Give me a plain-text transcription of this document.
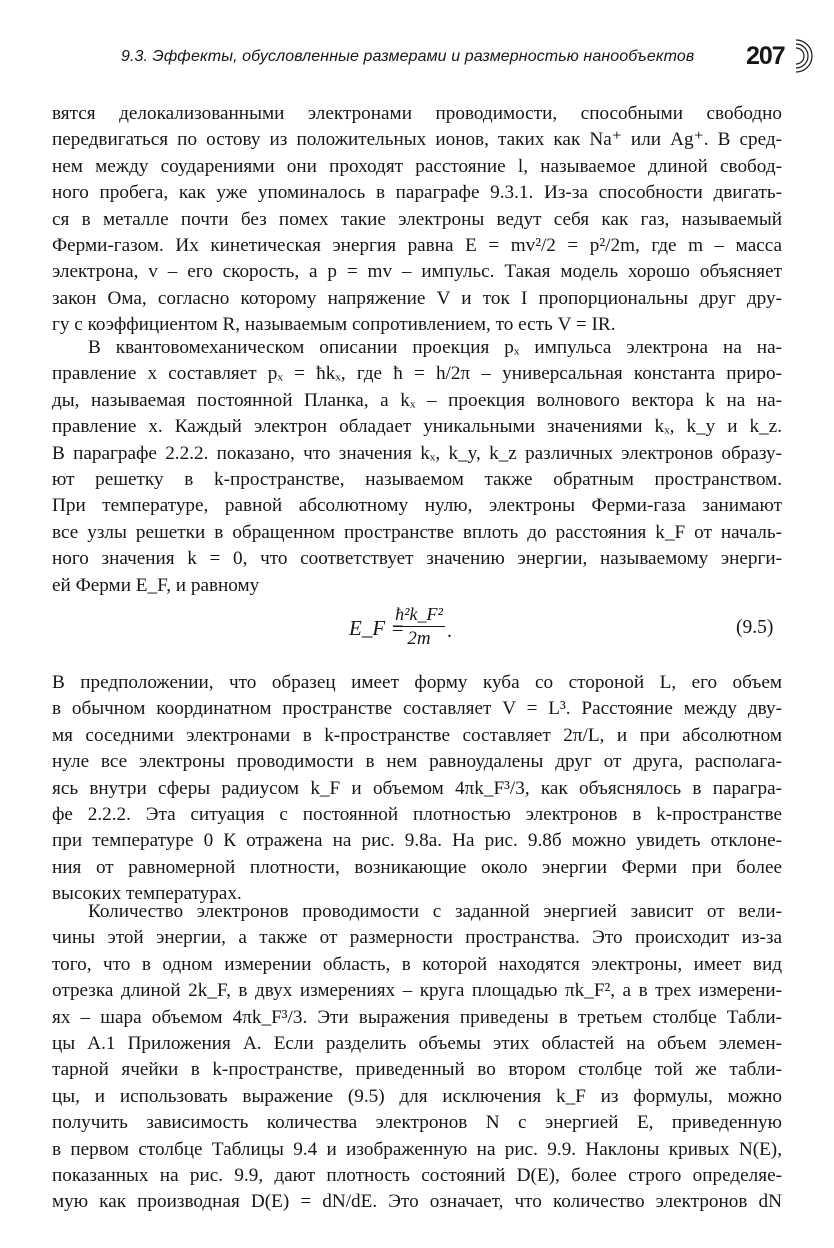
9.3. Эффекты, обусловленные размерами и размерностью нанообъектов 207
вятся делокализованными электронами проводимости, способными свободно
передвигаться по остову из положительных ионов, таких как Na⁺ или Ag⁺. В сред-
нем между соударениями они проходят расстояние l, называемое длиной свобод-
ного пробега, как уже упоминалось в параграфе 9.3.1. Из-за способности двигать-
ся в металле почти без помех такие электроны ведут себя как газ, называемый
Ферми-газом. Их кинетическая энергия равна E = mv²/2 = p²/2m, где m – масса
электрона, v – его скорость, а p = mv – импульс. Такая модель хорошо объясняет
закон Ома, согласно которому напряжение V и ток I пропорциональны друг дру-
гу с коэффициентом R, называемым сопротивлением, то есть V = IR.
В квантовомеханическом описании проекция pₓ импульса электрона на на-
правление x составляет pₓ = ħkₓ, где ħ = h/2π – универсальная константа приро-
ды, называемая постоянной Планка, а kₓ – проекция волнового вектора k на на-
правление x. Каждый электрон обладает уникальными значениями kₓ, k_y и k_z.
В параграфе 2.2.2. показано, что значения kₓ, k_y, k_z различных электронов образу-
ют решетку в k-пространстве, называемом также обратным пространством.
При температуре, равной абсолютному нулю, электроны Ферми-газа занимают
все узлы решетки в обращенном пространстве вплоть до расстояния k_F от началь-
ного значения k = 0, что соответствует значению энергии, называемому энерги-
ей Ферми E_F, и равному
E_F =
$\frac{\text{ħ²k\_F²}}{2m}$ .	(9.5)
В предположении, что образец имеет форму куба со стороной L, его объем
в обычном координатном пространстве составляет V = L³. Расстояние между дву-
мя соседними электронами в k-пространстве составляет 2π/L, и при абсолютном
нуле все электроны проводимости в нем равноудалены друг от друга, располага-
ясь внутри сферы радиусом k_F и объемом 4πk_F³/3, как объяснялось в парагра-
фе 2.2.2. Эта ситуация с постоянной плотностью электронов в k-пространстве
при температуре 0 К отражена на рис. 9.8а. На рис. 9.8б можно увидеть отклоне-
ния от равномерной плотности, возникающие около энергии Ферми при более
высоких температурах.
Количество электронов проводимости с заданной энергией зависит от вели-
чины этой энергии, а также от размерности пространства. Это происходит из-за
того, что в одном измерении область, в которой находятся электроны, имеет вид
отрезка длиной 2k_F, в двух измерениях – круга площадью πk_F², а в трех измерени-
ях – шара объемом 4πk_F³/3. Эти выражения приведены в третьем столбце Табли-
цы А.1 Приложения А. Если разделить объемы этих областей на объем элемен-
тарной ячейки в k-пространстве, приведенный во втором столбце той же табли-
цы, и использовать выражение (9.5) для исключения k_F из формулы, можно
получить зависимость количества электронов N с энергией E, приведенную
в первом столбце Таблицы 9.4 и изображенную на рис. 9.9. Наклоны кривых N(E),
показанных на рис. 9.9, дают плотность состояний D(E), более строго определяе-
мую как производная D(E) = dN/dE. Это означает, что количество электронов dN
